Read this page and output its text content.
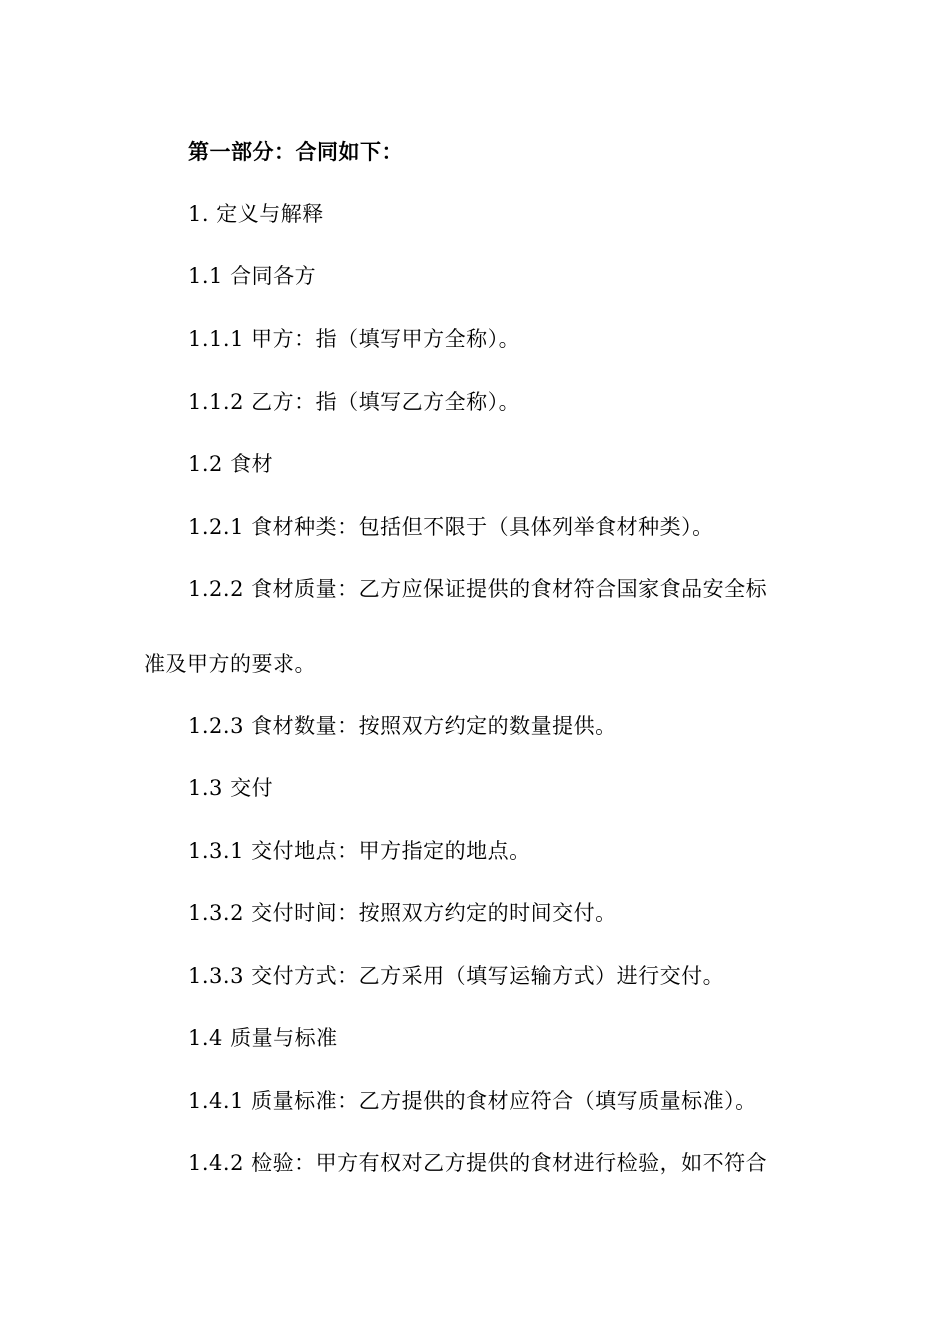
第一部分：合同如下：
1. 定义与解释
1.1 合同各方
1.1.1 甲方：指（填写甲方全称）。
1.1.2 乙方：指（填写乙方全称）。
1.2 食材
1.2.1 食材种类：包括但不限于（具体列举食材种类）。
1.2.2 食材质量：乙方应保证提供的食材符合国家食品安全标
准及甲方的要求。
1.2.3 食材数量：按照双方约定的数量提供。
1.3 交付
1.3.1 交付地点：甲方指定的地点。
1.3.2 交付时间：按照双方约定的时间交付。
1.3.3 交付方式：乙方采用（填写运输方式）进行交付。
1.4 质量与标准
1.4.1 质量标准：乙方提供的食材应符合（填写质量标准）。
1.4.2 检验：甲方有权对乙方提供的食材进行检验，如不符合
